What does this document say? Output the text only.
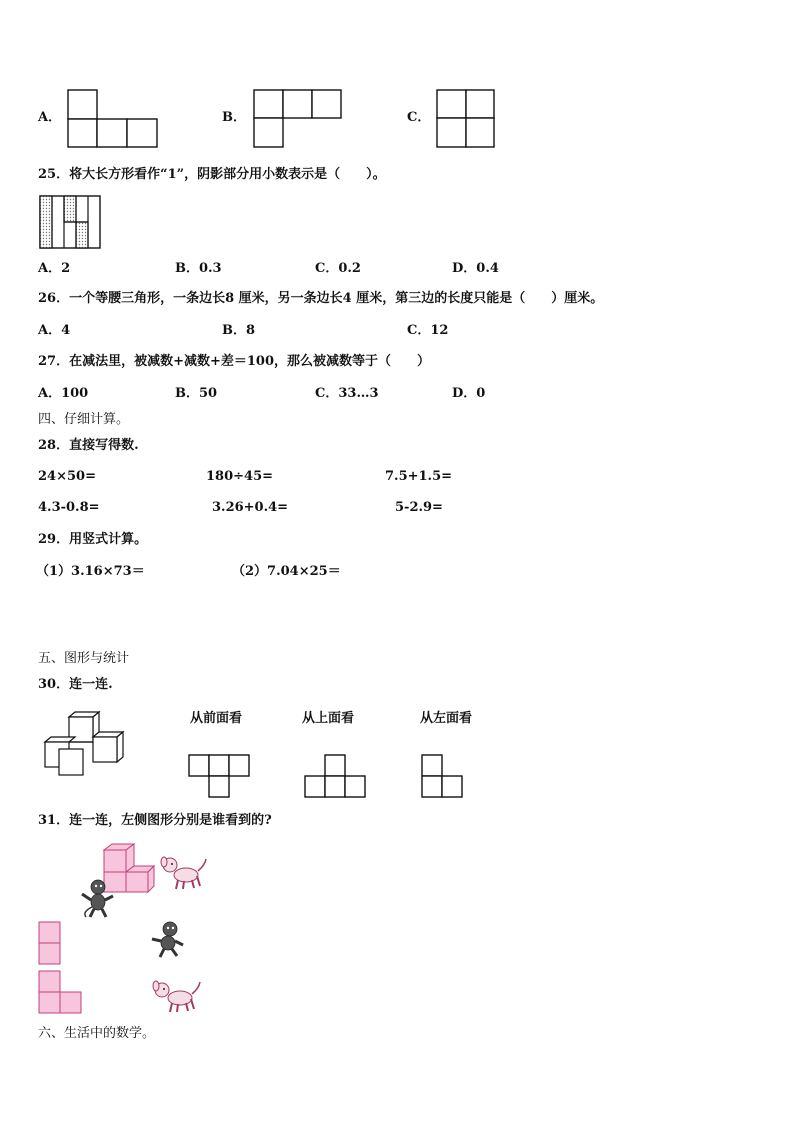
A．	B．	C．
25．将大长方形看作“1”，阴影部分用小数表示是（　　）。
A．2	B．0.3	C．0.2	D．0.4
26．一个等腰三角形，一条边长8 厘米，另一条边长4 厘米，第三边的长度只能是（　　）厘米。
A．4	B．8	C．12
27．在减法里，被减数+减数+差＝100，那么被减数等于（　　）
A．100	B．50	C．33…3	D．0
四、仔细计算。
28．直接写得数.
24×50=	180÷45=	7.5+1.5=
4.3-0.8=	3.26+0.4=	5-2.9=
29．用竖式计算。
（1）3.16×73＝	（2）7.04×25＝
五、图形与统计
30．连一连.
从前面看	从上面看	从左面看
31．连一连，左侧图形分别是谁看到的?
六、生活中的数学。
